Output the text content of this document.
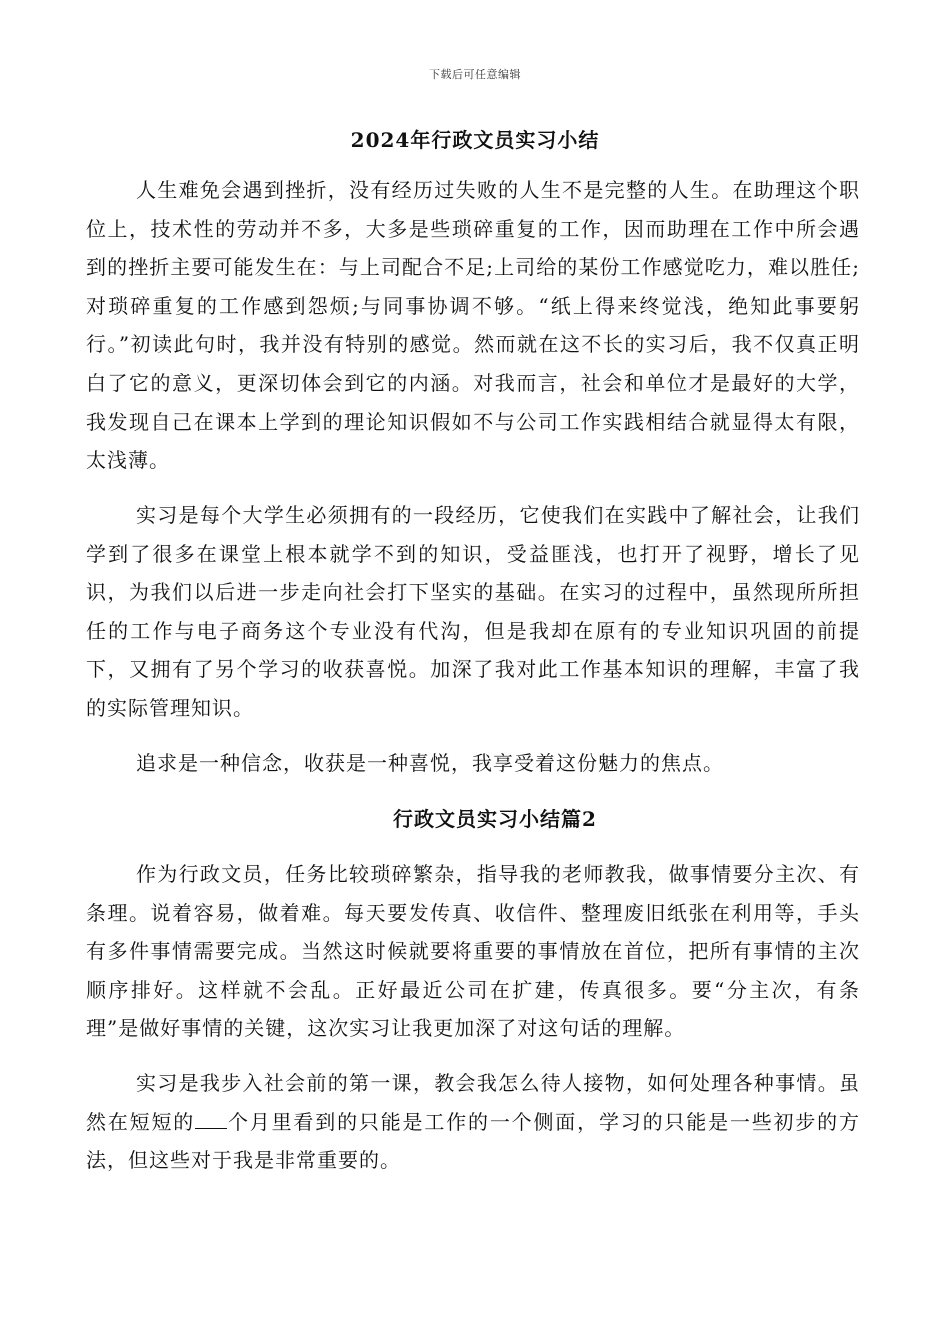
下载后可任意编辑
2024年行政文员实习小结

人生难免会遇到挫折，没有经历过失败的人生不是完整的人生。在助理这个职位上，技术性的劳动并不多，大多是些琐碎重复的工作，因而助理在工作中所会遇到的挫折主要可能发生在：与上司配合不足;上司给的某份工作感觉吃力，难以胜任;对琐碎重复的工作感到怨烦;与同事协调不够。“纸上得来终觉浅，绝知此事要躬行。”初读此句时，我并没有特别的感觉。然而就在这不长的实习后，我不仅真正明白了它的意义，更深切体会到它的内涵。对我而言，社会和单位才是最好的大学，我发现自己在课本上学到的理论知识假如不与公司工作实践相结合就显得太有限，太浅薄。

实习是每个大学生必须拥有的一段经历，它使我们在实践中了解社会，让我们学到了很多在课堂上根本就学不到的知识，受益匪浅，也打开了视野，增长了见识，为我们以后进一步走向社会打下坚实的基础。在实习的过程中，虽然现所所担任的工作与电子商务这个专业没有代沟，但是我却在原有的专业知识巩固的前提下，又拥有了另个学习的收获喜悦。加深了我对此工作基本知识的理解，丰富了我的实际管理知识。

追求是一种信念，收获是一种喜悦，我享受着这份魅力的焦点。

行政文员实习小结篇2

作为行政文员，任务比较琐碎繁杂，指导我的老师教我，做事情要分主次、有条理。说着容易，做着难。每天要发传真、收信件、整理废旧纸张在利用等，手头有多件事情需要完成。当然这时候就要将重要的事情放在首位，把所有事情的主次顺序排好。这样就不会乱。正好最近公司在扩建，传真很多。要“分主次，有条理”是做好事情的关键，这次实习让我更加深了对这句话的理解。

实习是我步入社会前的第一课，教会我怎么待人接物，如何处理各种事情。虽然在短短的 个月里看到的只能是工作的一个侧面，学习的只能是一些初步的方法，但这些对于我是非常重要的。
